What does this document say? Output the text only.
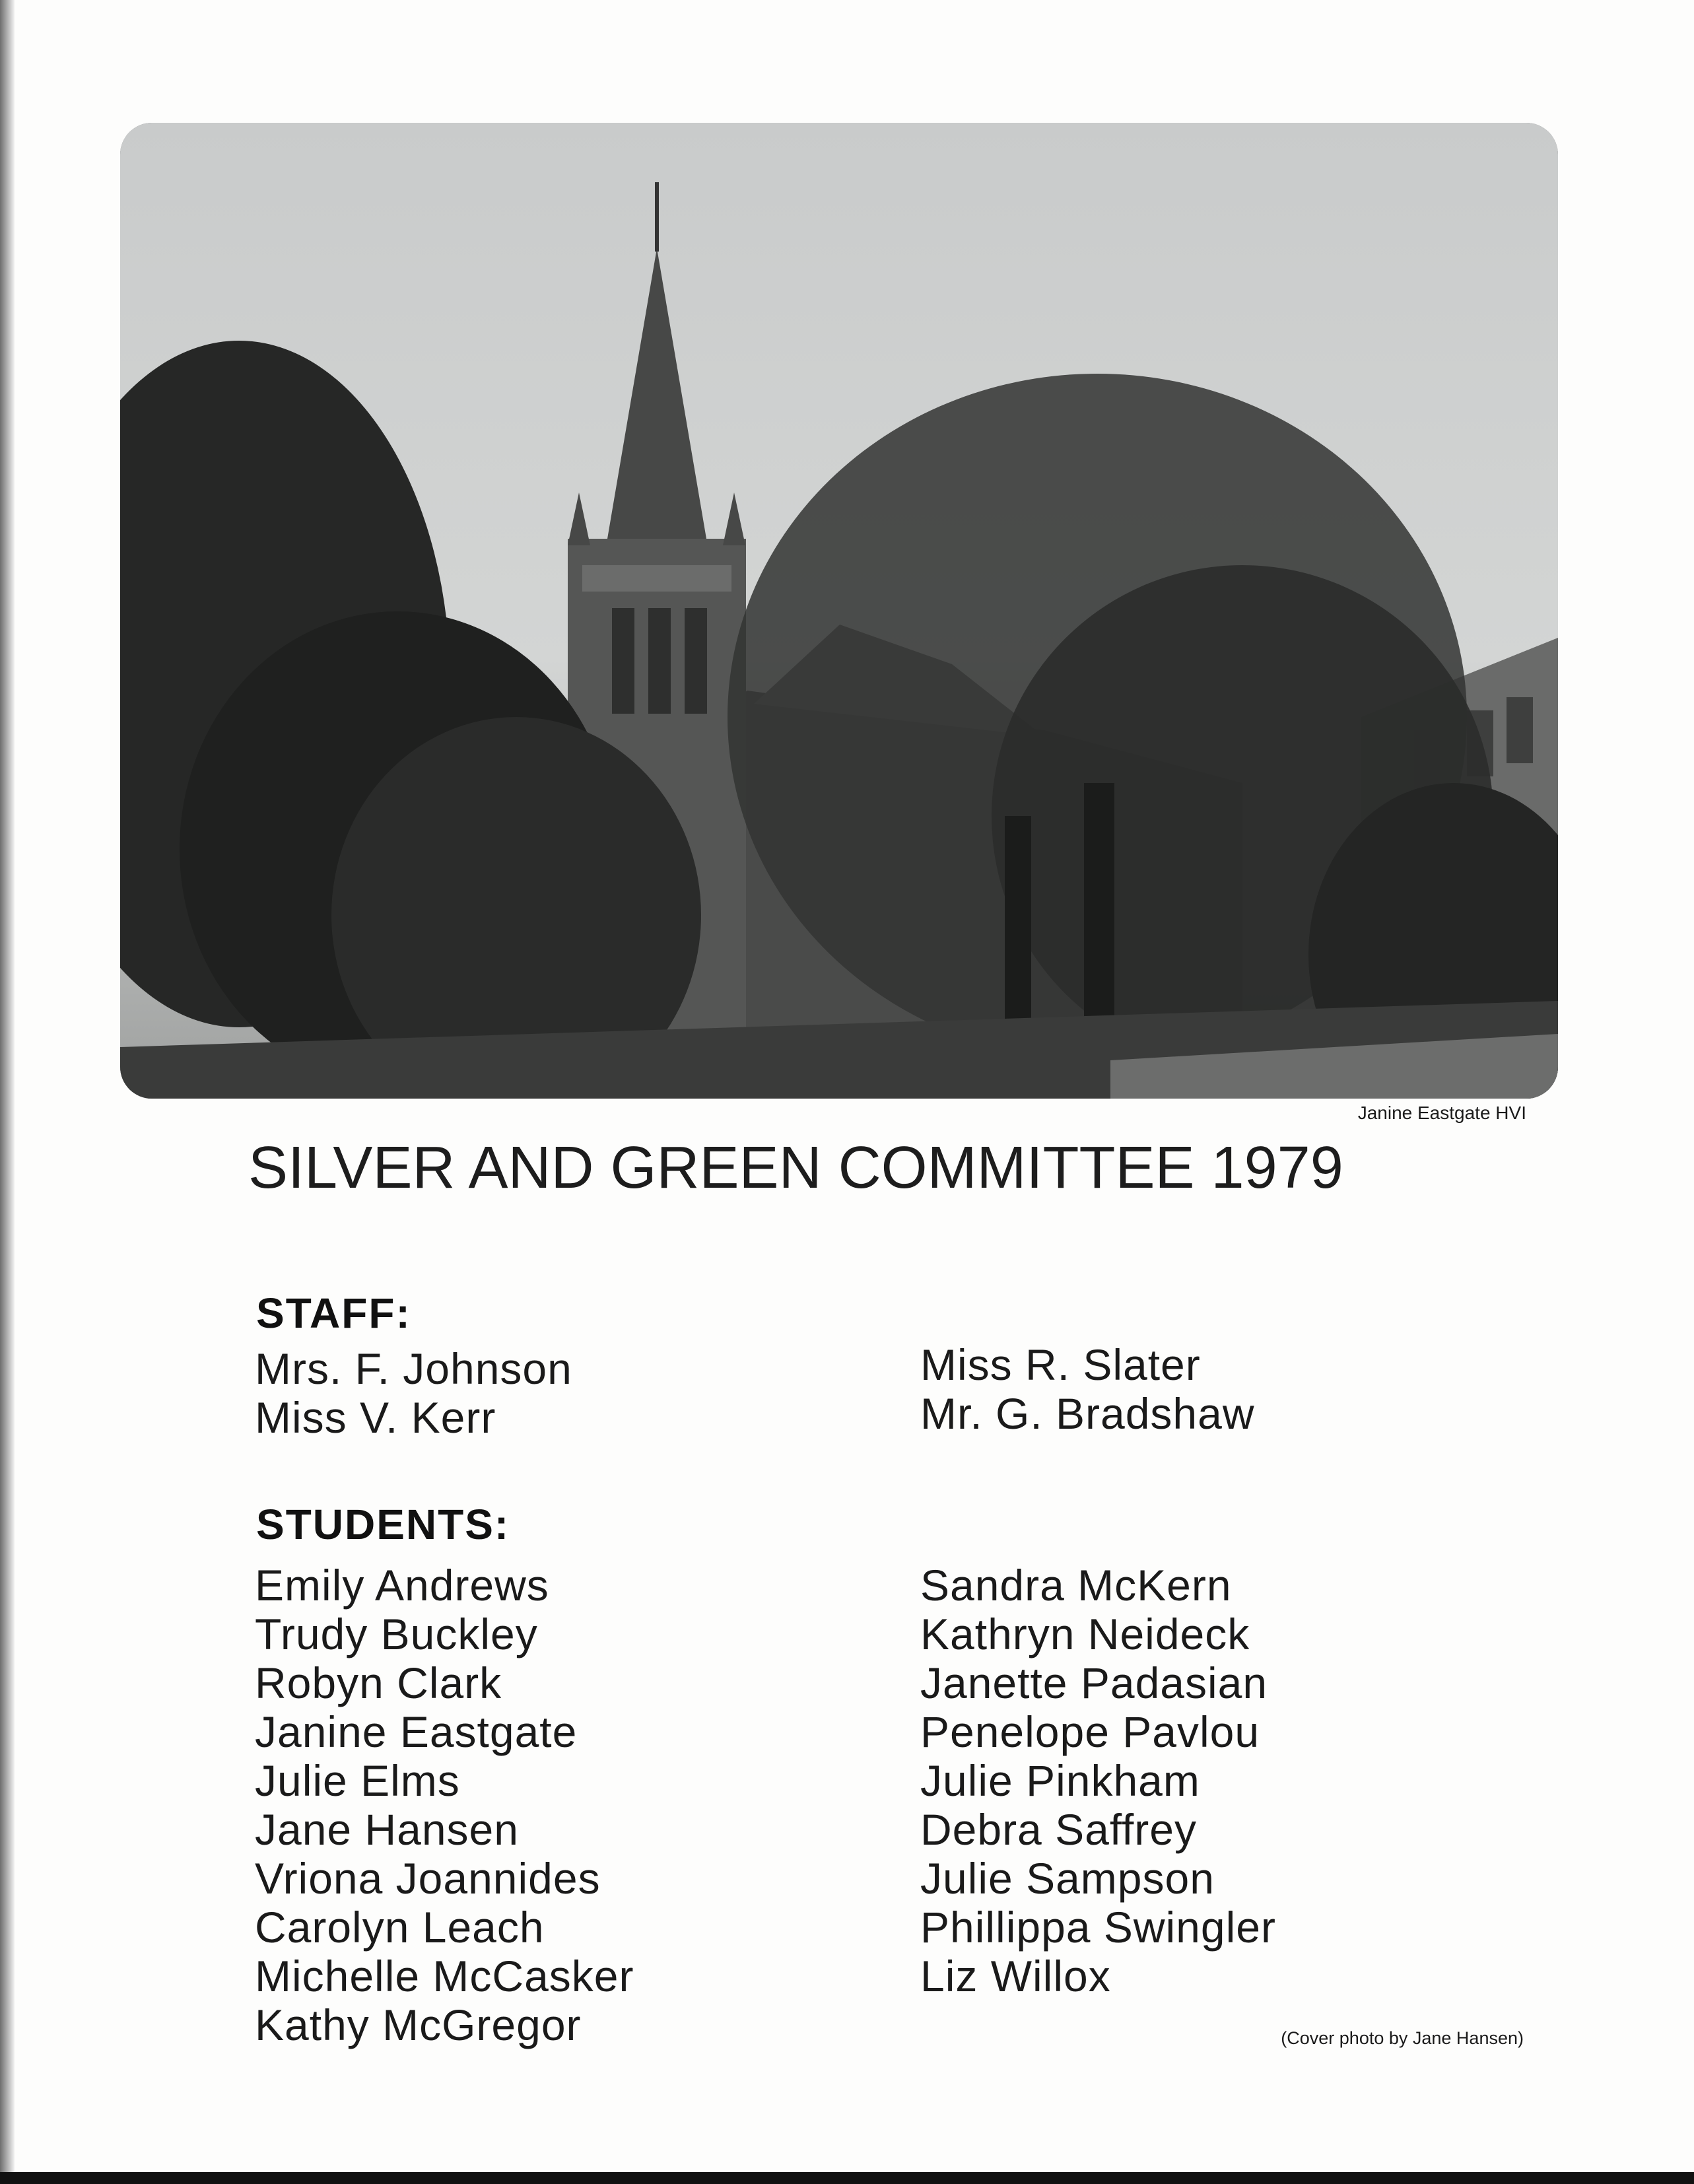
Janine Eastgate HVI
SILVER AND GREEN COMMITTEE 1979
STAFF:
Mrs. F. Johnson
Miss V. Kerr
Miss R. Slater
Mr. G. Bradshaw
STUDENTS:
Emily Andrews
Trudy Buckley
Robyn Clark
Janine Eastgate
Julie Elms
Jane Hansen
Vriona Joannides
Carolyn Leach
Michelle McCasker
Kathy McGregor
Sandra McKern
Kathryn Neideck
Janette Padasian
Penelope Pavlou
Julie Pinkham
Debra Saffrey
Julie Sampson
Phillippa Swingler
Liz Willox
(Cover photo by Jane Hansen)
